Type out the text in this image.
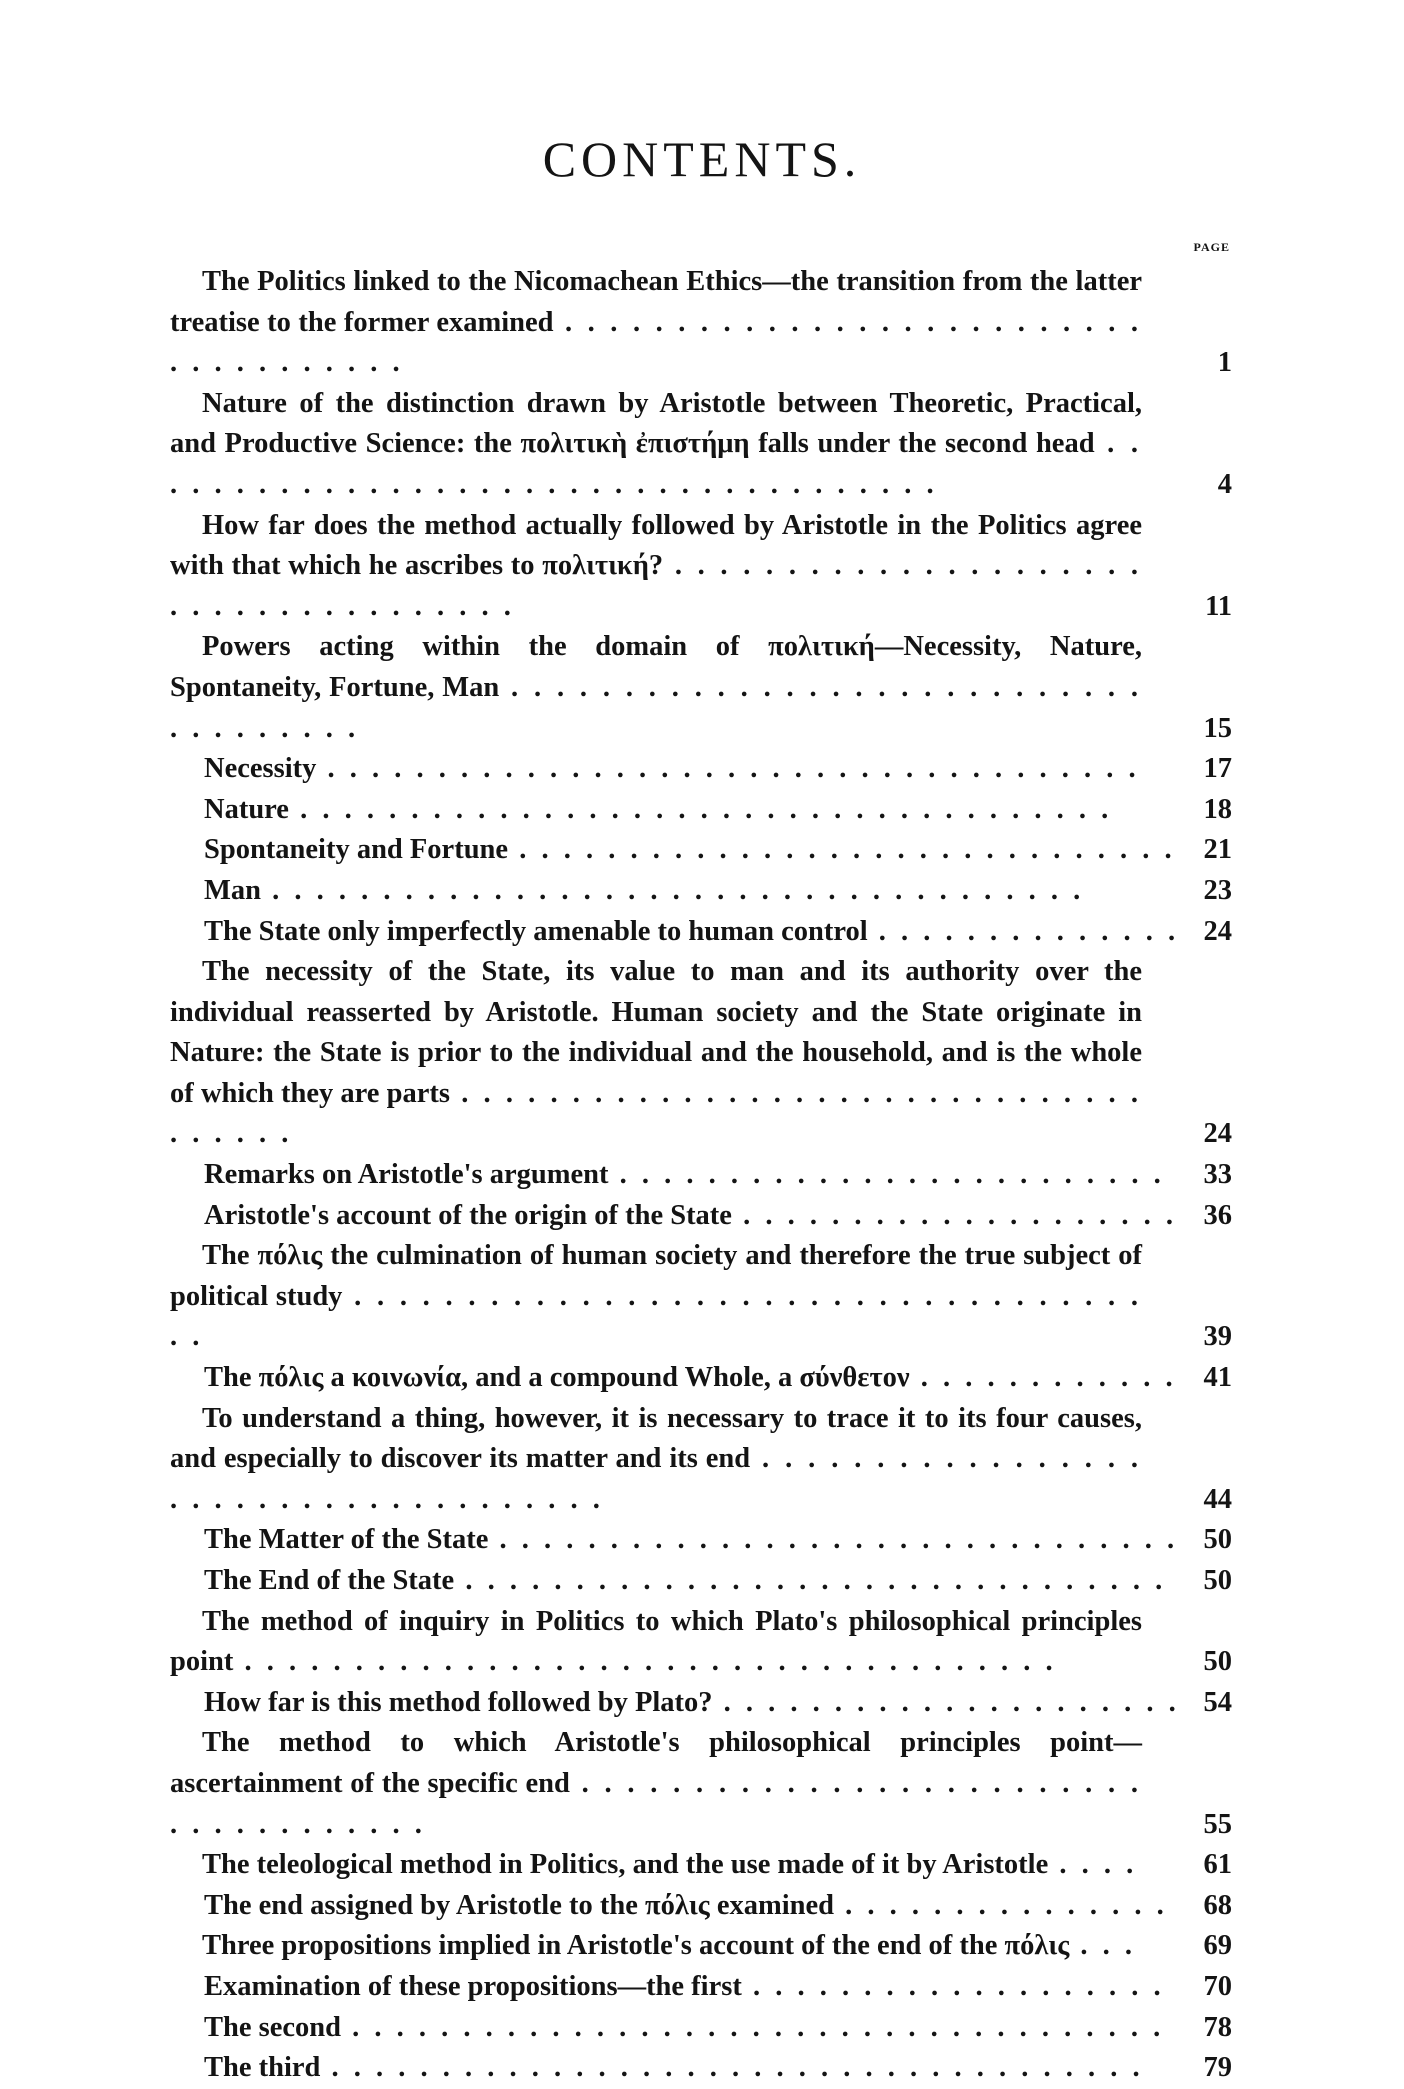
CONTENTS.
PAGE
The Politics linked to the Nicomachean Ethics—the transition from the latter treatise to the former examined . .
1
Nature of the distinction drawn by Aristotle between Theoretic, Practical, and Productive Science: the πολιτικὴ ἐπιστήμη falls under the second head . .
4
How far does the method actually followed by Aristotle in the Politics agree with that which he ascribes to πολιτική? . .
11
Powers acting within the domain of πολιτική—Necessity, Nature, Spontaneity, Fortune, Man . .
15
Necessity . .	17
Nature . .	18
Spontaneity and Fortune . .	21
Man . .	23
The State only imperfectly amenable to human control . .	24
The necessity of the State, its value to man and its authority over the individual reasserted by Aristotle. Human society and the State originate in Nature: the State is prior to the individual and the household, and is the whole of which they are parts . .
24
Remarks on Aristotle's argument . .	33
Aristotle's account of the origin of the State . .	36
The πόλις the culmination of human society and therefore the true subject of political study . .
39
The πόλις a κοινωνία, and a compound Whole, a σύνθετον . .	41
To understand a thing, however, it is necessary to trace it to its four causes, and especially to discover its matter and its end . .
44
The Matter of the State . .	50
The End of the State . .	50
The method of inquiry in Politics to which Plato's philosophical principles point . .	50
How far is this method followed by Plato? . .	54
The method to which Aristotle's philosophical principles point—ascertainment of the specific end . .
55
The teleological method in Politics, and the use made of it by Aristotle . .	61
The end assigned by Aristotle to the πόλις examined . .	68
Three propositions implied in Aristotle's account of the end of the πόλις . .	69
Examination of these propositions—the first . .	70
The second . .	78
The third . .	79
